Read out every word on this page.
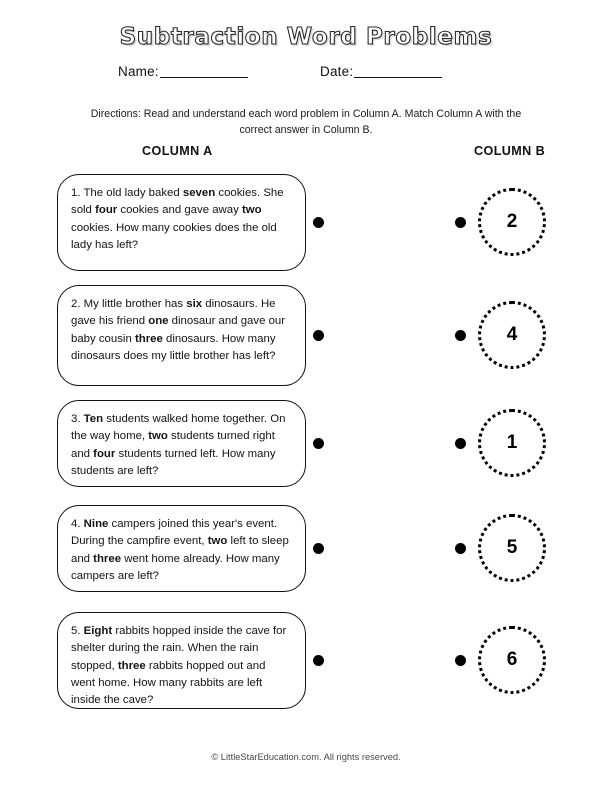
Subtraction Word Problems
Name:	Date:
Directions: Read and understand each word problem in Column A. Match Column A with the correct answer in Column B.
COLUMN A	COLUMN B
1. The old lady baked seven cookies. She sold four cookies and gave away two cookies. How many cookies does the old lady has left?
2
2. My little brother has six dinosaurs. He gave his friend one dinosaur and gave our baby cousin three dinosaurs. How many dinosaurs does my little brother has left?
4
3. Ten students walked home together. On the way home, two students turned right and four students turned left. How many students are left?
1
4. Nine campers joined this year's event. During the campfire event, two left to sleep and three went home already. How many campers are left?
5
5. Eight rabbits hopped inside the cave for shelter during the rain. When the rain stopped, three rabbits hopped out and went home. How many rabbits are left inside the cave?
6
© LittleStarEducation.com. All rights reserved.
